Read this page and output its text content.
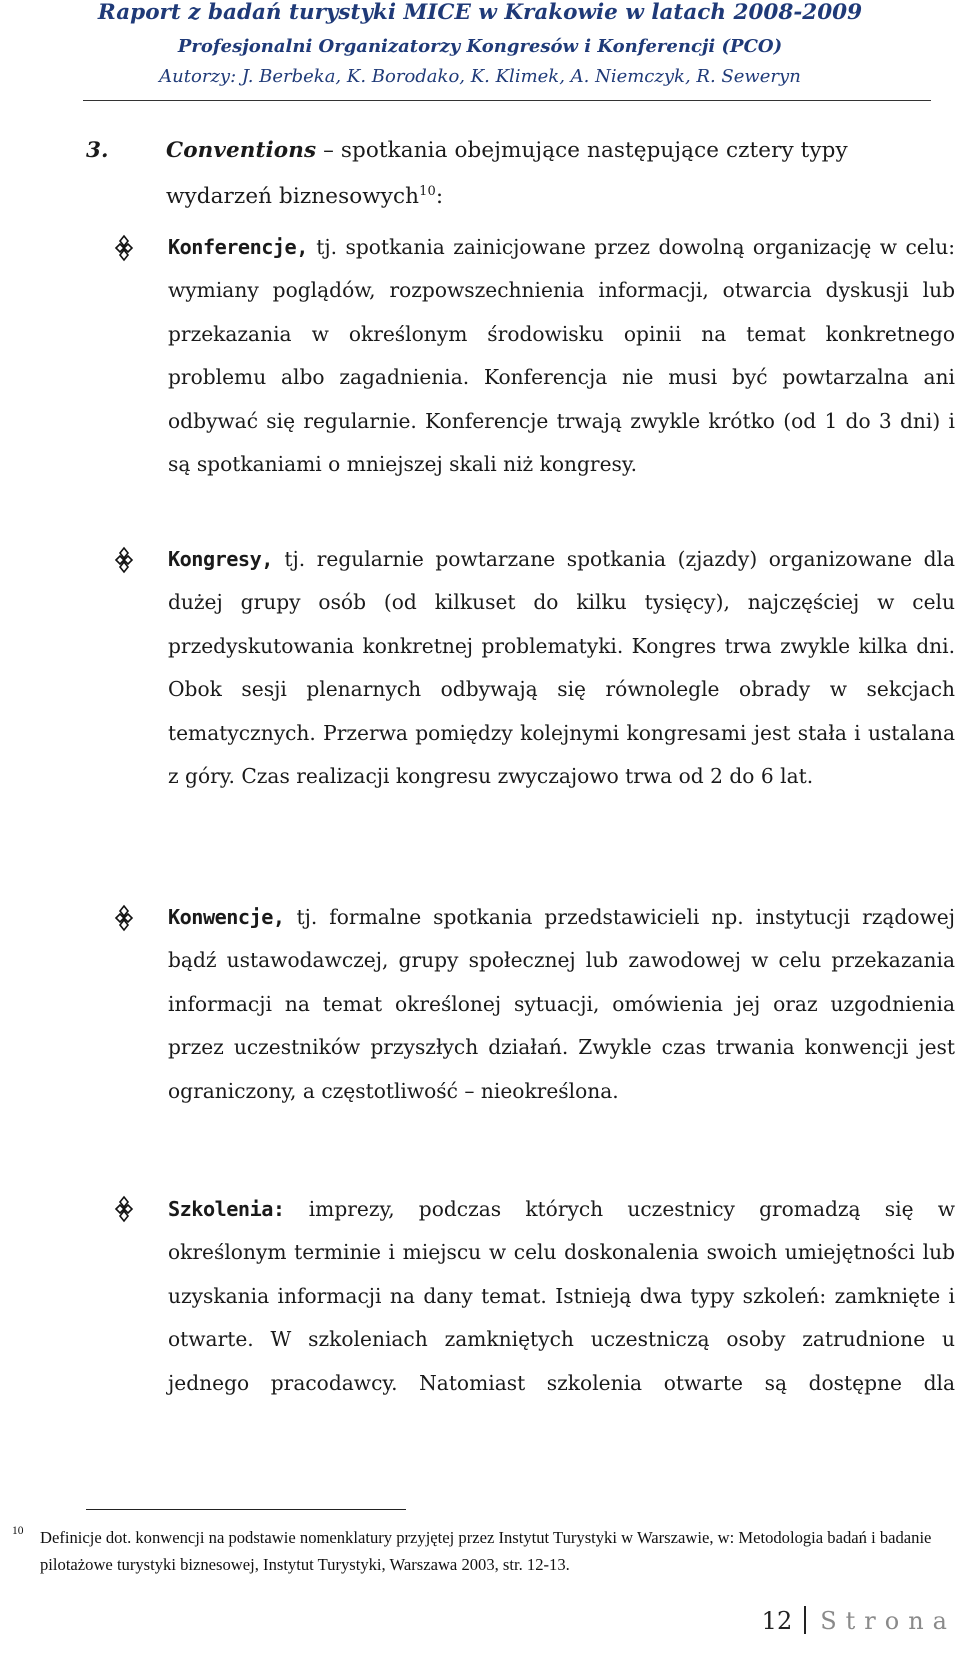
Raport z badań turystyki MICE w Krakowie w latach 2008-2009
Profesjonalni Organizatorzy Kongresów i Konferencji (PCO)
Autorzy: J. Berbeka, K. Borodako, K. Klimek, A. Niemczyk, R. Seweryn
3.	Conventions – spotkania obejmujące następujące cztery typy wydarzeń biznesowych$^{10}$:
Konferencje, tj. spotkania zainicjowane przez dowolną organizację w celu: wymiany poglądów, rozpowszechnienia informacji, otwarcia dyskusji lub przekazania w określonym środowisku opinii na temat konkretnego problemu albo zagadnienia. Konferencja nie musi być powtarzalna ani odbywać się regularnie. Konferencje trwają zwykle krótko (od 1 do 3 dni) i są spotkaniami o mniejszej skali niż kongresy.
Kongresy, tj. regularnie powtarzane spotkania (zjazdy) organizowane dla dużej grupy osób (od kilkuset do kilku tysięcy), najczęściej w celu przedyskutowania konkretnej problematyki. Kongres trwa zwykle kilka dni. Obok sesji plenarnych odbywają się równolegle obrady w sekcjach tematycznych. Przerwa pomiędzy kolejnymi kongresami jest stała i ustalana z góry. Czas realizacji kongresu zwyczajowo trwa od 2 do 6 lat.
Konwencje, tj. formalne spotkania przedstawicieli np. instytucji rządowej bądź ustawodawczej, grupy społecznej lub zawodowej w celu przekazania informacji na temat określonej sytuacji, omówienia jej oraz uzgodnienia przez uczestników przyszłych działań. Zwykle czas trwania konwencji jest ograniczony, a częstotliwość – nieokreślona.
Szkolenia: imprezy, podczas których uczestnicy gromadzą się w określonym terminie i miejscu w celu doskonalenia swoich umiejętności lub uzyskania informacji na dany temat. Istnieją dwa typy szkoleń: zamknięte i otwarte. W szkoleniach zamkniętych uczestniczą osoby zatrudnione u jednego pracodawcy. Natomiast szkolenia otwarte są dostępne dla
10 Definicje dot. konwencji na podstawie nomenklatury przyjętej przez Instytut Turystyki w Warszawie, w: Metodologia badań i badanie pilotażowe turystyki biznesowej, Instytut Turystyki, Warszawa 2003, str. 12-13.
12 Strona
